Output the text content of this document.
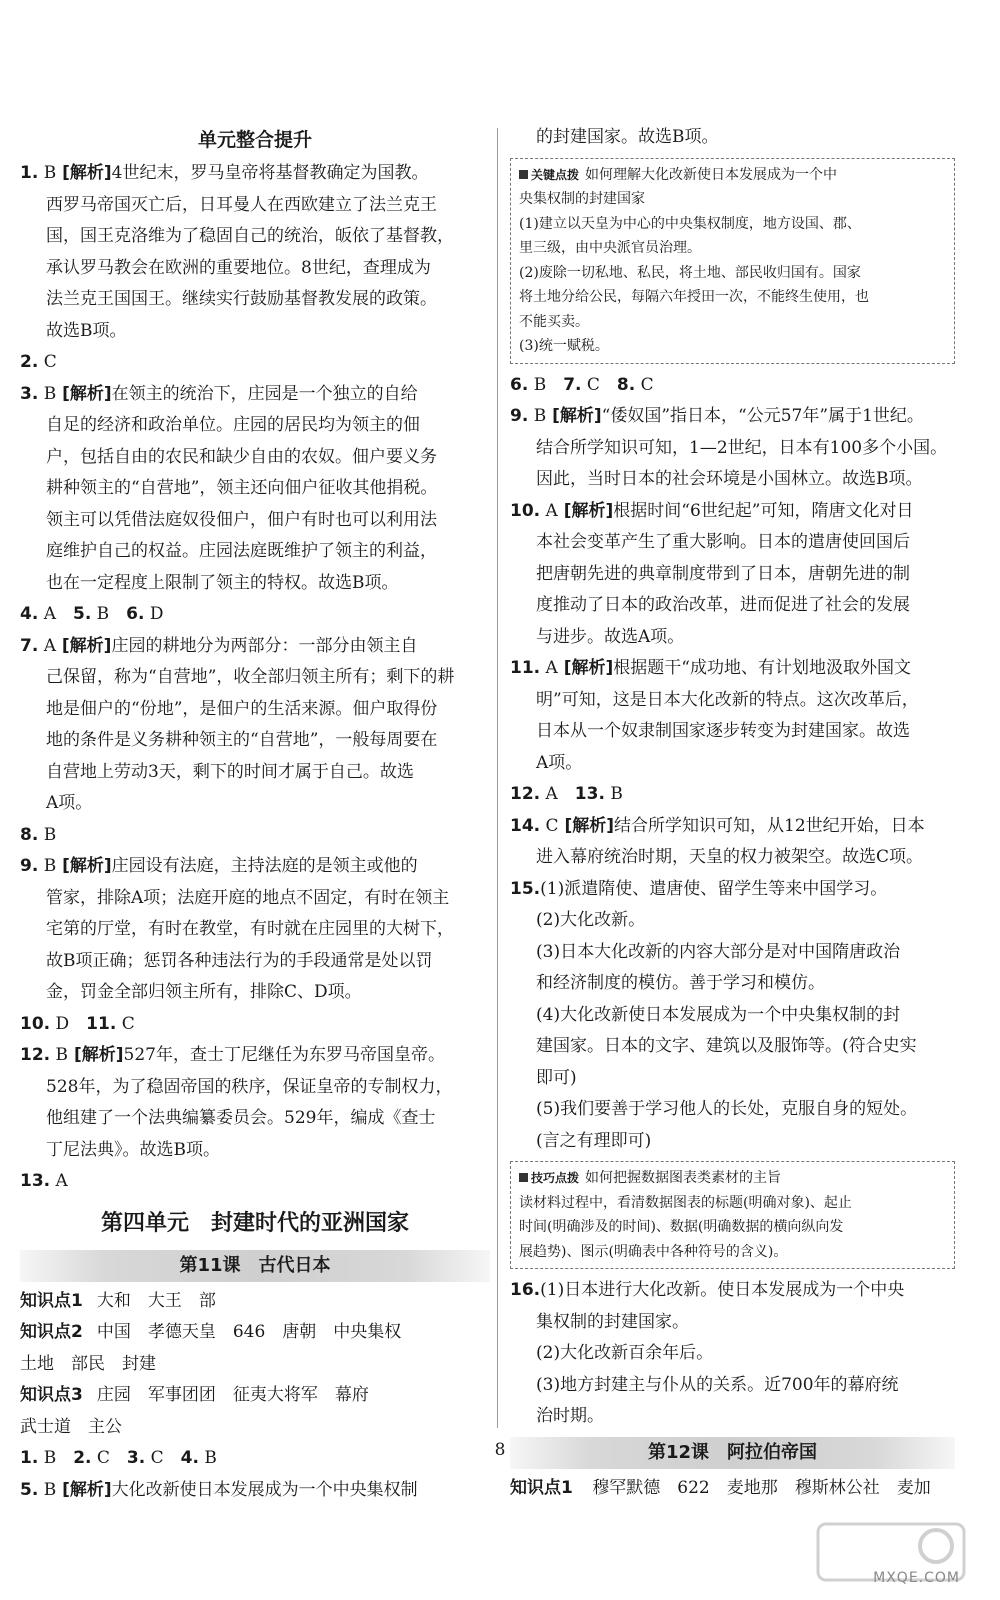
单元整合提升

1. B [解析]4世纪末，罗马皇帝将基督教确定为国教。

西罗马帝国灭亡后，日耳曼人在西欧建立了法兰克王

国，国王克洛维为了稳固自己的统治，皈依了基督教，

承认罗马教会在欧洲的重要地位。8世纪，查理成为

法兰克王国国王。继续实行鼓励基督教发展的政策。

故选B项。

2. C

3. B [解析]在领主的统治下，庄园是一个独立的自给

自足的经济和政治单位。庄园的居民均为领主的佃

户，包括自由的农民和缺少自由的农奴。佃户要义务

耕种领主的“自营地”，领主还向佃户征收其他捐税。

领主可以凭借法庭奴役佃户，佃户有时也可以利用法

庭维护自己的权益。庄园法庭既维护了领主的利益，

也在一定程度上限制了领主的特权。故选B项。

4. A　5. B　6. D

7. A [解析]庄园的耕地分为两部分：一部分由领主自

己保留，称为“自营地”，收全部归领主所有；剩下的耕

地是佃户的“份地”，是佃户的生活来源。佃户取得份

地的条件是义务耕种领主的“自营地”，一般每周要在

自营地上劳动3天，剩下的时间才属于自己。故选

A项。

8. B

9. B [解析]庄园设有法庭，主持法庭的是领主或他的

管家，排除A项；法庭开庭的地点不固定，有时在领主

宅第的厅堂，有时在教堂，有时就在庄园里的大树下，

故B项正确；惩罚各种违法行为的手段通常是处以罚

金，罚金全部归领主所有，排除C、D项。

10. D　11. C

12. B [解析]527年，查士丁尼继任为东罗马帝国皇帝。

528年，为了稳固帝国的秩序，保证皇帝的专制权力，

他组建了一个法典编纂委员会。529年，编成《查士

丁尼法典》。故选B项。

13. A

第四单元　封建时代的亚洲国家

第11课　古代日本

知识点1 大和　大王　部

知识点2 中国　孝德天皇　646　唐朝　中央集权

土地　部民　封建

知识点3 庄园　军事团团　征夷大将军　幕府

武士道　主公

1. B　2. C　3. C　4. B

5. B [解析]大化改新使日本发展成为一个中央集权制

的封建国家。故选B项。

关键点拨 如何理解大化改新使日本发展成为一个中

央集权制的封建国家

(1)建立以天皇为中心的中央集权制度，地方设国、郡、

里三级，由中央派官员治理。

(2)废除一切私地、私民，将土地、部民收归国有。国家

将土地分给公民，每隔六年授田一次，不能终生使用，也

不能买卖。

(3)统一赋税。

6. B　7. C　8. C

9. B [解析]“倭奴国”指日本，“公元57年”属于1世纪。

结合所学知识可知，1—2世纪，日本有100多个小国。

因此，当时日本的社会环境是小国林立。故选B项。

10. A [解析]根据时间“6世纪起”可知，隋唐文化对日

本社会变革产生了重大影响。日本的遣唐使回国后

把唐朝先进的典章制度带到了日本，唐朝先进的制

度推动了日本的政治改革，进而促进了社会的发展

与进步。故选A项。

11. A [解析]根据题干“成功地、有计划地汲取外国文

明”可知，这是日本大化改新的特点。这次改革后，

日本从一个奴隶制国家逐步转变为封建国家。故选

A项。

12. A　13. B

14. C [解析]结合所学知识可知，从12世纪开始，日本

进入幕府统治时期，天皇的权力被架空。故选C项。

15.(1)派遣隋使、遣唐使、留学生等来中国学习。

(2)大化改新。

(3)日本大化改新的内容大部分是对中国隋唐政治

和经济制度的模仿。善于学习和模仿。

(4)大化改新使日本发展成为一个中央集权制的封

建国家。日本的文字、建筑以及服饰等。(符合史实

即可)

(5)我们要善于学习他人的长处，克服自身的短处。

(言之有理即可)

技巧点拨 如何把握数据图表类素材的主旨

读材料过程中，看清数据图表的标题(明确对象)、起止

时间(明确涉及的时间)、数据(明确数据的横向纵向发

展趋势)、图示(明确表中各种符号的含义)。

16.(1)日本进行大化改新。使日本发展成为一个中央

集权制的封建国家。

(2)大化改新百余年后。

(3)地方封建主与仆从的关系。近700年的幕府统

治时期。

第12课　阿拉伯帝国

知识点1 穆罕默德　622　麦地那　穆斯林公社　麦加

8
MXQE.COM
